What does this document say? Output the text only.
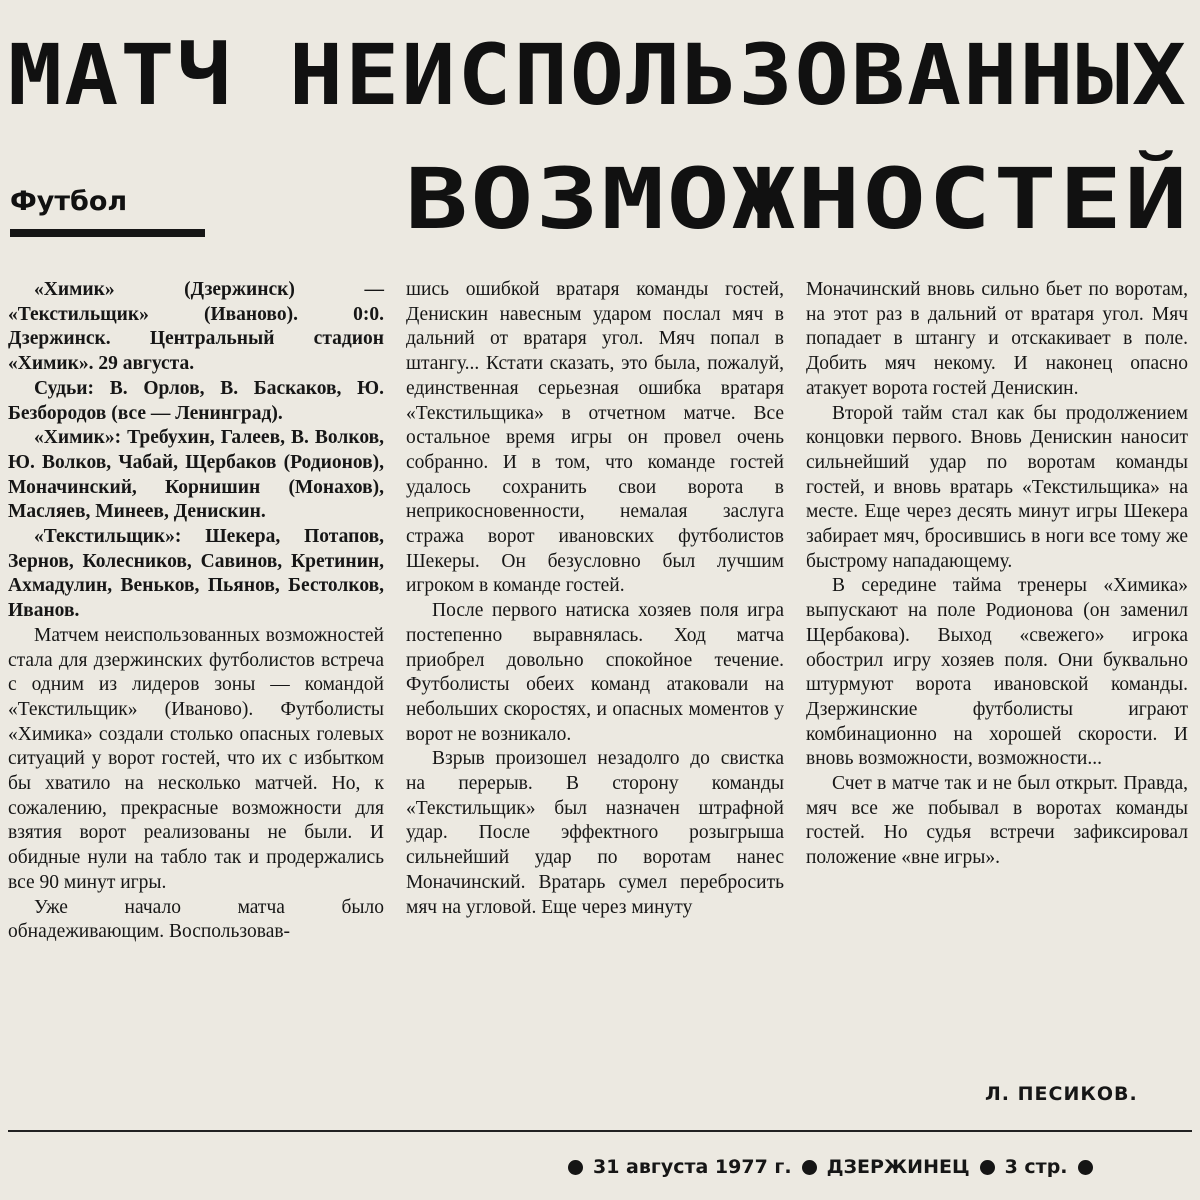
МАТЧ НЕИСПОЛЬЗОВАННЫХ
ВОЗМОЖНОСТЕЙ
Футбол

«Химик» (Дзержинск) — «Текстильщик» (Иваново). 0:0. Дзержинск. Центральный стадион «Химик». 29 августа.

Судьи: В. Орлов, В. Баскаков, Ю. Безбородов (все — Ленинград).

«Химик»: Требухин, Галеев, В. Волков, Ю. Волков, Чабай, Щербаков (Родионов), Моначинский, Корнишин (Монахов), Масляев, Минеев, Денискин.

«Текстильщик»: Шекера, Потапов, Зернов, Колесников, Савинов, Кретинин, Ахмадулин, Веньков, Пьянов, Бестолков, Иванов.

Матчем неиспользованных возможностей стала для дзержинских футболистов встреча с одним из лидеров зоны — командой «Текстильщик» (Иваново). Футболисты «Химика» создали столько опасных голевых ситуаций у ворот гостей, что их с избытком бы хватило на несколько матчей. Но, к сожалению, прекрасные возможности для взятия ворот реализованы не были. И обидные нули на табло так и продержались все 90 минут игры.

Уже начало матча было обнадеживающим. Воспользовав-

шись ошибкой вратаря команды гостей, Денискин навесным ударом послал мяч в дальний от вратаря угол. Мяч попал в штангу... Кстати сказать, это была, пожалуй, единственная серьезная ошибка вратаря «Текстильщика» в отчетном матче. Все остальное время игры он провел очень собранно. И в том, что команде гостей удалось сохранить свои ворота в неприкосновенности, немалая заслуга стража ворот ивановских футболистов Шекеры. Он безусловно был лучшим игроком в команде гостей.

После первого натиска хозяев поля игра постепенно выравнялась. Ход матча приобрел довольно спокойное течение. Футболисты обеих команд атаковали на небольших скоростях, и опасных моментов у ворот не возникало.

Взрыв произошел незадолго до свистка на перерыв. В сторону команды «Текстильщик» был назначен штрафной удар. После эффектного розыгрыша сильнейший удар по воротам нанес Моначинский. Вратарь сумел перебросить мяч на угловой. Еще через минуту

Моначинский вновь сильно бьет по воротам, на этот раз в дальний от вратаря угол. Мяч попадает в штангу и отскакивает в поле. Добить мяч некому. И наконец опасно атакует ворота гостей Денискин.

Второй тайм стал как бы продолжением концовки первого. Вновь Денискин наносит сильнейший удар по воротам команды гостей, и вновь вратарь «Текстильщика» на месте. Еще через десять минут игры Шекера забирает мяч, бросившись в ноги все тому же быстрому нападающему.

В середине тайма тренеры «Химика» выпускают на поле Родионова (он заменил Щербакова). Выход «свежего» игрока обострил игру хозяев поля. Они буквально штурмуют ворота ивановской команды. Дзержинские футболисты играют комбинационно на хорошей скорости. И вновь возможности, возможности...

Счет в матче так и не был открыт. Правда, мяч все же побывал в воротах команды гостей. Но судья встречи зафиксировал положение «вне игры».

Л. ПЕСИКОВ.
31 августа 1977 г. ДЗЕРЖИНЕЦ 3 стр.
